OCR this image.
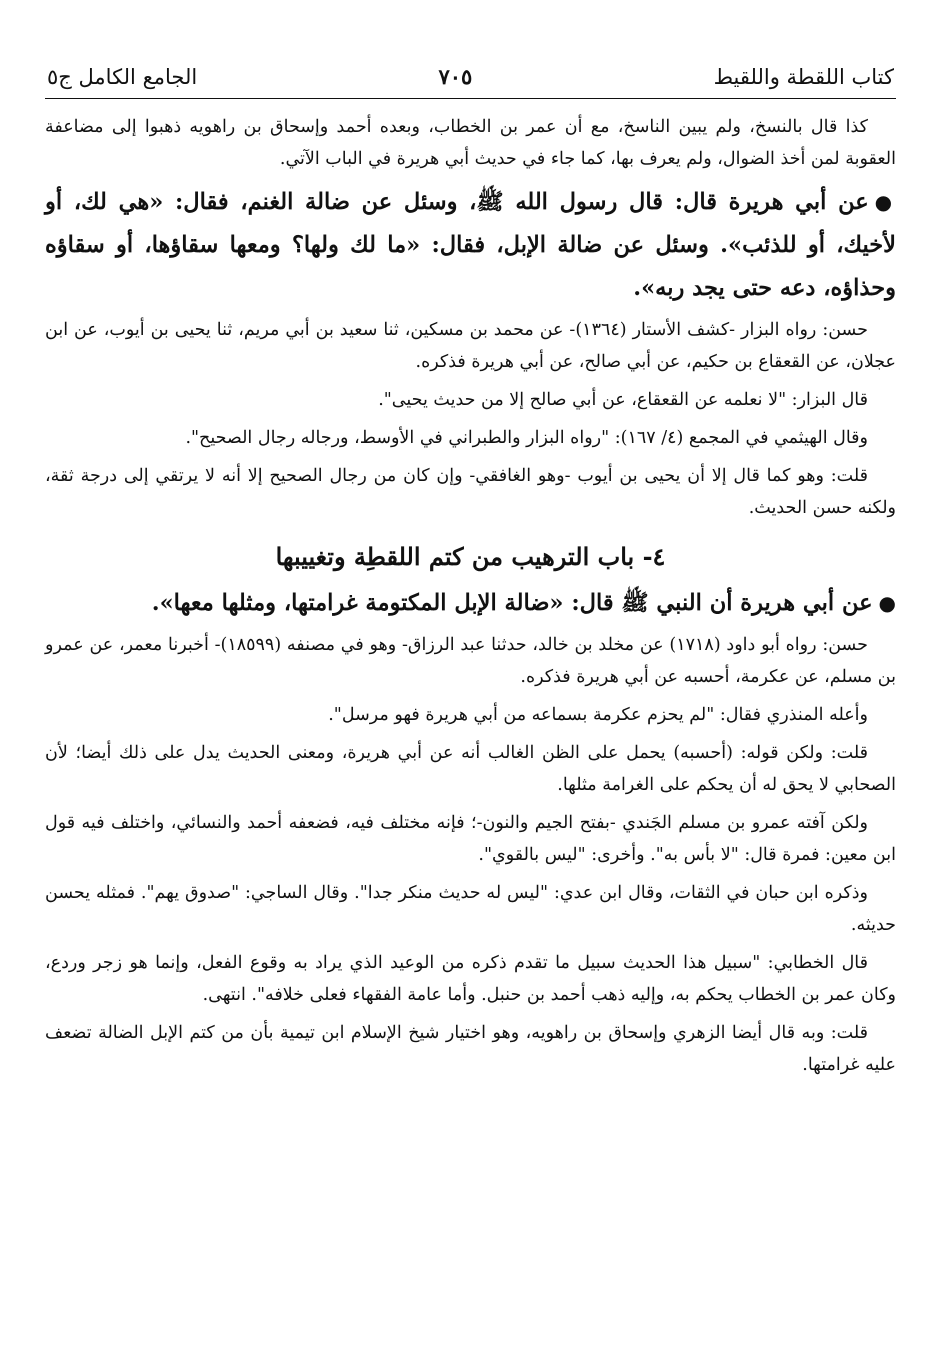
كتاب اللقطة واللقيط
٧٠٥
الجامع الكامل ج٥

كذا قال بالنسخ، ولم يبين الناسخ، مع أن عمر بن الخطاب، وبعده أحمد وإسحاق بن راهويه ذهبوا إلى مضاعفة العقوبة لمن أخذ الضوال، ولم يعرف بها، كما جاء في حديث أبي هريرة في الباب الآتي.

●عن أبي هريرة قال: قال رسول الله ﷺ، وسئل عن ضالة الغنم، فقال: «هي لك، أو لأخيك، أو للذئب». وسئل عن ضالة الإبل، فقال: «ما لك ولها؟ ومعها سقاؤها، أو سقاؤه وحذاؤه، دعه حتى يجد ربه».

حسن: رواه البزار -كشف الأستار (١٣٦٤)- عن محمد بن مسكين، ثنا سعيد بن أبي مريم، ثنا يحيى بن أيوب، عن ابن عجلان، عن القعقاع بن حكيم، عن أبي صالح، عن أبي هريرة فذكره.

قال البزار: "لا نعلمه عن القعقاع، عن أبي صالح إلا من حديث يحيى".

وقال الهيثمي في المجمع (٤/ ١٦٧): "رواه البزار والطبراني في الأوسط، ورجاله رجال الصحيح".

قلت: وهو كما قال إلا أن يحيى بن أيوب -وهو الغافقي- وإن كان من رجال الصحيح إلا أنه لا يرتقي إلى درجة ثقة، ولكنه حسن الحديث.

٤- باب الترهيب من كتم اللقطِة وتغييبها

●عن أبي هريرة أن النبي ﷺ قال: «ضالة الإبل المكتومة غرامتها، ومثلها معها».

حسن: رواه أبو داود (١٧١٨) عن مخلد بن خالد، حدثنا عبد الرزاق- وهو في مصنفه (١٨٥٩٩)- أخبرنا معمر، عن عمرو بن مسلم، عن عكرمة، أحسبه عن أبي هريرة فذكره.

وأعله المنذري فقال: "لم يحزم عكرمة بسماعه من أبي هريرة فهو مرسل".

قلت: ولكن قوله: (أحسبه) يحمل على الظن الغالب أنه عن أبي هريرة، ومعنى الحديث يدل على ذلك أيضا؛ لأن الصحابي لا يحق له أن يحكم على الغرامة مثلها.

ولكن آفته عمرو بن مسلم الجَندي -بفتح الجيم والنون-؛ فإنه مختلف فيه، فضعفه أحمد والنسائي، واختلف فيه قول ابن معين: فمرة قال: "لا بأس به". وأخرى: "ليس بالقوي".

وذكره ابن حبان في الثقات، وقال ابن عدي: "ليس له حديث منكر جدا". وقال الساجي: "صدوق يهم". فمثله يحسن حديثه.

قال الخطابي: "سبيل هذا الحديث سبيل ما تقدم ذكره من الوعيد الذي يراد به وقوع الفعل، وإنما هو زجر وردع، وكان عمر بن الخطاب يحكم به، وإليه ذهب أحمد بن حنبل. وأما عامة الفقهاء فعلى خلافه". انتهى.

قلت: وبه قال أيضا الزهري وإسحاق بن راهويه، وهو اختيار شيخ الإسلام ابن تيمية بأن من كتم الإبل الضالة تضعف عليه غرامتها.
